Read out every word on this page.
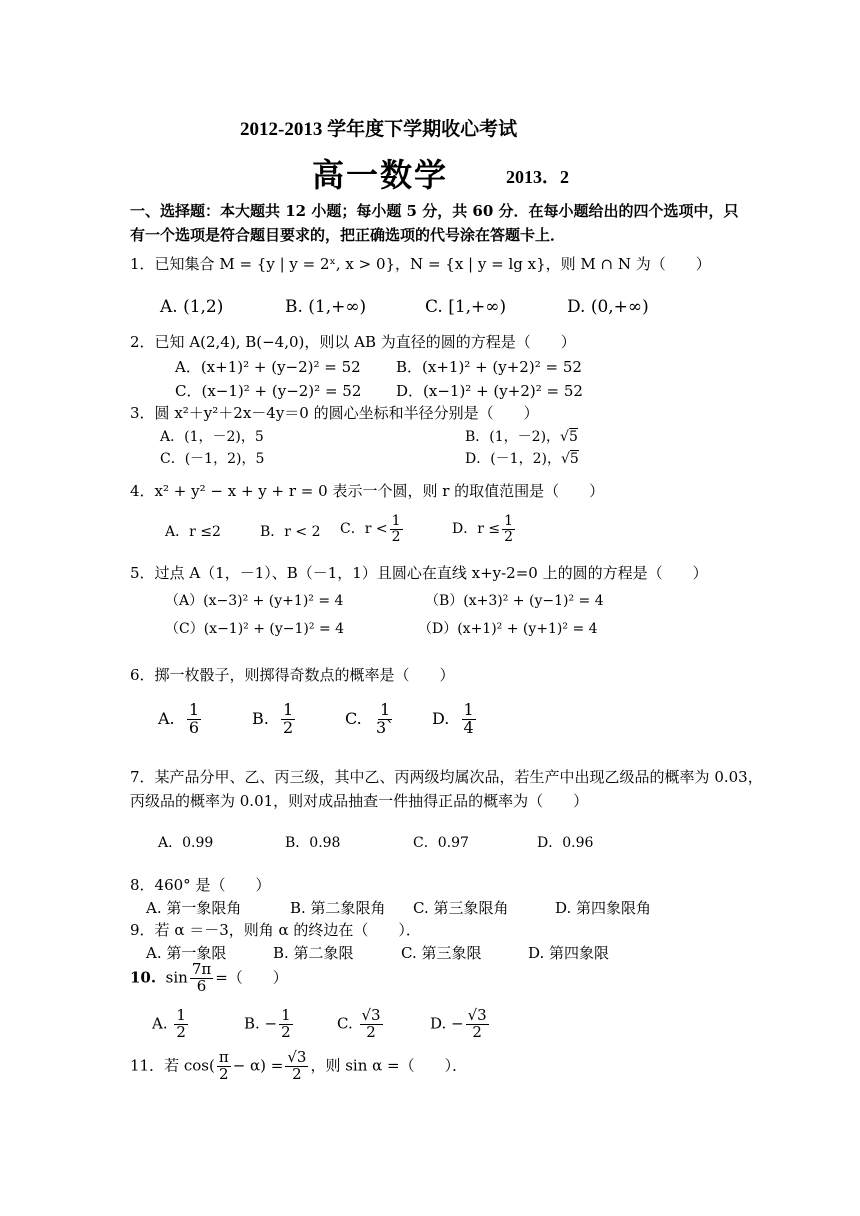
2012-2013 学年度下学期收心考试
高一数学	2013．2
一、选择题：本大题共 12 小题；每小题 5 分，共 60 分．在每小题给出的四个选项中，只
有一个选项是符合题目要求的，把正确选项的代号涂在答题卡上．
1．已知集合 M = {y | y = 2ˣ, x > 0}，N = {x | y = lg x}，则 M ∩ N 为（　　）
A. (1,2)	B. (1,+∞)	C. [1,+∞)	D. (0,+∞)
2．已知 A(2,4), B(−4,0)，则以 AB 为直径的圆的方程是（　　）
A．(x+1)² + (y−2)² = 52 B．(x+1)² + (y+2)² = 52
C．(x−1)² + (y−2)² = 52 D．(x−1)² + (y+2)² = 52
3．圆 x²＋y²＋2x－4y＝0 的圆心坐标和半径分别是（　　）
A．(1，－2)，5	B．(1，－2)，√5
C．(－1，2)，5	D．(－1，2)，√5
4．x² + y² − x + y + r = 0 表示一个圆，则 r 的取值范围是（　　）
A．r ≤2	B．r < 2 C．$r < \frac{1}{2}$	D．$r \le \frac{1}{2}$
5．过点 A（1，－1）、B（－1，1）且圆心在直线 x+y-2=0 上的圆的方程是（　　）
（A）(x−3)² + (y+1)² = 4	（B）(x+3)² + (y−1)² = 4
（C）(x−1)² + (y−1)² = 4	（D）(x+1)² + (y+1)² = 4
6．掷一枚骰子，则掷得奇数点的概率是（　　）
A. $\frac{1}{6}$	B. $\frac{1}{2}$	C. $\frac{1}{3`} D$. $\frac{1}{4}$
7．某产品分甲、乙、丙三级，其中乙、丙两级均属次品，若生产中出现乙级品的概率为 0.03，
丙级品的概率为 0.01，则对成品抽查一件抽得正品的概率为（　　）
A．0.99	B．0.98	C．0.97	D．0.96
8．460° 是（　　）
A. 第一象限角	B. 第二象限角 C. 第三象限角	D. 第四象限角
9．若 α ＝－3，则角 α 的终边在（　　）．
A. 第一象限	B. 第二象限	C. 第三象限	D. 第四象限
10. $\sin \frac{7\pi}{6}$ =（　　）
A. $\frac{1}{2}$	B. − $\frac{1}{2}$	C. $\frac{√3}{2}$	D. − $\frac{√3}{2}$
11．若 $\cos( \frac{\pi}{2} - \alpha) = \frac{√3}{2}$ ，则 sin α =（　　）．
